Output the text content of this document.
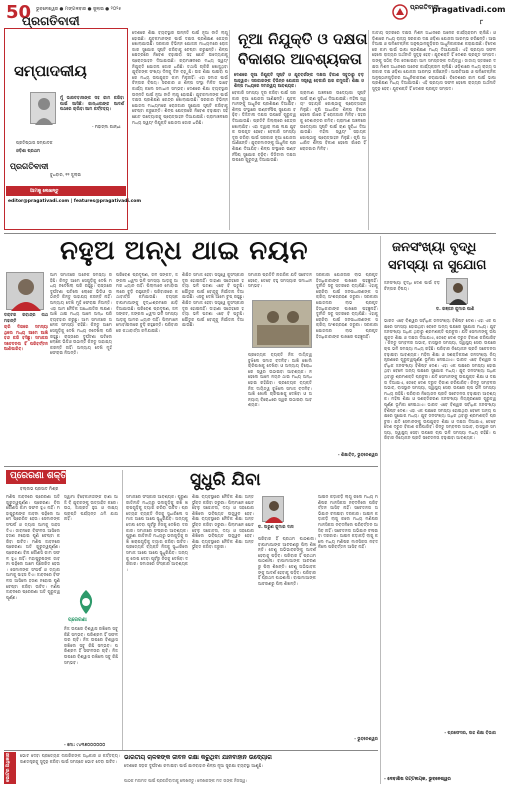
50 ଭୁବନେଶ୍ୱର ● ମଙ୍ଗଳବାର ● ଜୁଲାଇ ● ୨୦୨୫
ପ୍ରଗତିବାଦୀ
ପ୍ରଗତିବାଦୀ
pragativadi.com
୮
ସମ୍ପାଦକୀୟ
ମୁଁ ଭାରତବାସୀଙ୍କ ସହ କାମ କରିବା ପାଇଁ ଆସିଛି। ଗାନ୍ଧୀଜୀଙ୍କ ଆଦର୍ଶ ପଥରେ ଚାଲିବା ଆମ କର୍ତ୍ତବ୍ୟ।
- ମହାତ୍ମା ଗାନ୍ଧୀ
ପ୍ରତିଷ୍ଠାତା ସମ୍ପାଦକ
ଓଡ଼ିଶା ପ୍ରଥମ
ପ୍ରଗତିବାଦୀ
ବୁଧବାର, ୧୨ ଜୁଲାଇ
ଆମକୁ ଲେଖନ୍ତୁ
editor@pragativadi.com | features@pragativadi.com
ଦେଶରେ ଶିକ୍ଷା ବ୍ୟବସ୍ଥାର ଉନ୍ନତି ପାଇଁ ନୂଆ ନୀତି ଲାଗୁ ହୋଇଛି। ଯୁବକମାନଙ୍କ ପାଇଁ ଦକ୍ଷତା ପ୍ରଶିକ୍ଷଣ କେନ୍ଦ୍ର ଖୋଲାଯାଉଛି। ସରକାର ବିଭିନ୍ନ ଯୋଜନା ମାଧ୍ୟମରେ ରୋଜଗାର ସୁଯୋଗ ସୃଷ୍ଟି କରିବାକୁ ଚେଷ୍ଟା କରୁଛନ୍ତି। ଶିଳ୍ପ କ୍ଷେତ୍ରରେ ନିବେଶ ବଢ଼ାଇବା ସହ ଛୋଟ ଉଦ୍ୟୋଗକୁ ପ୍ରୋତ୍ସାହନ ଦିଆଯାଉଛି। ଗ୍ରାମାଞ୍ଚଳରେ ମଧ୍ୟ ସ୍ୱୟଂ ନିଯୁକ୍ତି ଯୋଜନା ଜୋର ଧରିଛି। ତଥାପି ଚାକିରି ଖୋଜୁଥିବା ଯୁବକଙ୍କ ସଂଖ୍ୟା ଦିନକୁ ଦିନ ବଢ଼ୁଛି। ଉଚ୍ଚ ଶିକ୍ଷା ପାଇବା ପରେ ମଧ୍ୟ ଉପଯୁକ୍ତ କାମ ମିଳୁନାହିଁ। ଏହା ସମାଜ ପାଇଁ ଚିନ୍ତାର ବିଷୟ। ସରକାର ଓ ଶିଳ୍ପ ସଂସ୍ଥା ମିଳିତ ଭାବେ କାର୍ଯ୍ୟ କଲେ ସମାଧାନ ସମ୍ଭବ। ଦେଶରେ ଶିକ୍ଷା ବ୍ୟବସ୍ଥାର ଉନ୍ନତି ପାଇଁ ନୂଆ ନୀତି ଲାଗୁ ହୋଇଛି। ଯୁବକମାନଙ୍କ ପାଇଁ ଦକ୍ଷତା ପ୍ରଶିକ୍ଷଣ କେନ୍ଦ୍ର ଖୋଲାଯାଉଛି। ସରକାର ବିଭିନ୍ନ ଯୋଜନା ମାଧ୍ୟମରେ ରୋଜଗାର ସୁଯୋଗ ସୃଷ୍ଟି କରିବାକୁ ଚେଷ୍ଟା କରୁଛନ୍ତି। ଶିଳ୍ପ କ୍ଷେତ୍ରରେ ନିବେଶ ବଢ଼ାଇବା ସହ ଛୋଟ ଉଦ୍ୟୋଗକୁ ପ୍ରୋତ୍ସାହନ ଦିଆଯାଉଛି। ଗ୍ରାମାଞ୍ଚଳରେ ମଧ୍ୟ ସ୍ୱୟଂ ନିଯୁକ୍ତି ଯୋଜନା ଜୋର ଧରିଛି।
ନୂଆ ନିଯୁକ୍ତି ଓ ଦକ୍ଷତା
ବିକାଶର ଆବଶ୍ୟକତା
ଦେଶରେ ନୂଆ ନିଯୁକ୍ତି ସୃଷ୍ଟି ଓ ଯୁବବର୍ଗଙ୍କ ଦକ୍ଷତା ବିକାଶ ସବୁଠାରୁ ବଡ଼ ଆହ୍ୱାନ। ସରକାରଙ୍କ ବିଭିନ୍ନ ଯୋଜନା ସତ୍ତ୍ୱେ ବେକାରି ହାର କମୁନାହିଁ। ଶିକ୍ଷା ଓ ଶିଳ୍ପ ମଧ୍ୟରେ ସମନ୍ୱୟ ଆବଶ୍ୟକ।
ବେକାରି ସମସ୍ୟା ଦୂର କରିବା ପାଇଁ ସରକାର ନୂଆ ଯୋଜନା ଆଣିଛନ୍ତି। ଯୁବକମାନଙ୍କୁ ଆଧୁନିକ ପ୍ରଶିକ୍ଷଣ ଦିଆଯିବ। ଶିଳ୍ପ ସଂସ୍ଥାରେ ଇଣ୍ଟର୍ନସିପ୍ ସୁଯୋଗ ବଢ଼ିବ। ଡିଜିଟାଲ ଦକ୍ଷତା ଉପରେ ଗୁରୁତ୍ୱ ଦିଆଯାଉଛି। ପ୍ରତିଟି ଜିଲ୍ଲାରେ କେନ୍ଦ୍ର ଖୋଲାଯିବ। ଏହା ଦ୍ୱାରା ଲକ୍ଷ ଲକ୍ଷ ଯୁବକ ଉପକୃତ ହେବେ। ବେକାରି ସମସ୍ୟା ଦୂର କରିବା ପାଇଁ ସରକାର ନୂଆ ଯୋଜନା ଆଣିଛନ୍ତି। ଯୁବକମାନଙ୍କୁ ଆଧୁନିକ ପ୍ରଶିକ୍ଷଣ ଦିଆଯିବ। ଶିଳ୍ପ ସଂସ୍ଥାରେ ଇଣ୍ଟର୍ନସିପ୍ ସୁଯୋଗ ବଢ଼ିବ। ଡିଜିଟାଲ ଦକ୍ଷତା ଉପରେ ଗୁରୁତ୍ୱ ଦିଆଯାଉଛି।
ଗ୍ରାମୀଣ ଅଞ୍ଚଳରେ ଉଦ୍ୟୋଗୀ ସୃଷ୍ଟି ପାଇଁ ଋଣ ସୁବିଧା ଦିଆଯାଉଛି। ମହିଳା ସ୍ୱୟଂ ସହାୟକ ଗୋଷ୍ଠୀକୁ ପ୍ରୋତ୍ସାହନ ମିଳୁଛି। କୃଷି ଆଧାରିତ ଶିଳ୍ପ ବିକାଶ ହେଲେ ଗାଁରେ ହିଁ ରୋଜଗାର ମିଳିବ। ସହରକୁ ଦେଶାନ୍ତର କମିବ। ଗ୍ରାମୀଣ ଅଞ୍ଚଳରେ ଉଦ୍ୟୋଗୀ ସୃଷ୍ଟି ପାଇଁ ଋଣ ସୁବିଧା ଦିଆଯାଉଛି। ମହିଳା ସ୍ୱୟଂ ସହାୟକ ଗୋଷ୍ଠୀକୁ ପ୍ରୋତ୍ସାହନ ମିଳୁଛି। କୃଷି ଆଧାରିତ ଶିଳ୍ପ ବିକାଶ ହେଲେ ଗାଁରେ ହିଁ ରୋଜଗାର ମିଳିବ।
ଜାତୀୟ ସ୍ତରରେ ଦକ୍ଷତା ମିଶନ ଅଧୀନରେ ଅନେକ କାର୍ଯ୍ୟକ୍ରମ ଚାଲିଛି। ଓଡ଼ିଶାରେ ମଧ୍ୟ ରାଜ୍ୟ ସରକାର ଦକ୍ଷ ଓଡ଼ିଶା ଯୋଜନା ଆରମ୍ଭ କରିଛନ୍ତି। ଆଇଟିଆଇ ଓ ପଲିଟେକ୍ନିକ ଅନୁଷ୍ଠାନଗୁଡ଼ିକର ଆଧୁନିକୀକରଣ କରାଯାଉଛି। ବିଦେଶରେ କାମ ପାଇଁ ଭାଷା ପ୍ରଶିକ୍ଷଣ ମଧ୍ୟ ଦିଆଯାଉଛି। ଏହି ପ୍ରୟାସ ସଫଳ ହେଲେ ରାଜ୍ୟର ଅର୍ଥନୀତି ସୁଦୃଢ଼ ହେବ। ଯୁବଶକ୍ତି ହିଁ ଦେଶର ପ୍ରକୃତ ସମ୍ପଦ। ତାଙ୍କୁ ସଠିକ୍ ଦିଗ ଦେଖାଇବା ଆମ ସମସ୍ତଙ୍କ ଦାୟିତ୍ୱ। ଜାତୀୟ ସ୍ତରରେ ଦକ୍ଷତା ମିଶନ ଅଧୀନରେ ଅନେକ କାର୍ଯ୍ୟକ୍ରମ ଚାଲିଛି। ଓଡ଼ିଶାରେ ମଧ୍ୟ ରାଜ୍ୟ ସରକାର ଦକ୍ଷ ଓଡ଼ିଶା ଯୋଜନା ଆରମ୍ଭ କରିଛନ୍ତି। ଆଇଟିଆଇ ଓ ପଲିଟେକ୍ନିକ ଅନୁଷ୍ଠାନଗୁଡ଼ିକର ଆଧୁନିକୀକରଣ କରାଯାଉଛି। ବିଦେଶରେ କାମ ପାଇଁ ଭାଷା ପ୍ରଶିକ୍ଷଣ ମଧ୍ୟ ଦିଆଯାଉଛି। ଏହି ପ୍ରୟାସ ସଫଳ ହେଲେ ରାଜ୍ୟର ଅର୍ଥନୀତି ସୁଦୃଢ଼ ହେବ। ଯୁବଶକ୍ତି ହିଁ ଦେଶର ପ୍ରକୃତ ସମ୍ପଦ।
ନହୁଅ ଅନ୍ଧ ଥାଇ ନୟନ
ଡକ୍ଟର ରବୀନ୍ଦ୍ର ନାଥ ମହାନ୍ତି
ଚାରି ଦିଗରେ ସମସ୍ୟା ଥିଲେ ମଧ୍ୟ ଆମେ ଆଖି ବନ୍ଦ କରି ବସିଛୁ। ସମାଜର ସଚେତନତା ହିଁ ପରିବର୍ତ୍ତନ ଆଣିପାରିବ।
ଆମ ସମାଜରେ ଅନେକ ସମସ୍ୟା ରହିଛି। କିନ୍ତୁ ଆମେ ସେଗୁଡ଼ିକୁ ଦେଖି ମଧ୍ୟ ନଦେଖିଲା ପରି ରହୁଛୁ। ରାସ୍ତାରେ ଦୁର୍ଘଟଣା ଘଟିଲେ ଲୋକେ ଭିଡିଓ ଉଠାନ୍ତି କିନ୍ତୁ ସାହାଯ୍ୟ କରନ୍ତି ନାହିଁ। ଅନ୍ୟାୟ ଦେଖି ମୁହଁ ଫେରାଇ ନିଅନ୍ତି। ଏହା ଆମ ନୈତିକ ଅଧୋଗତିର ଲକ୍ଷଣ। ଆଖି ଥାଇ ମଧ୍ୟ ଆମେ ଅନ୍ଧ ପରି ବ୍ୟବହାର କରୁଛୁ। ଆମ ସମାଜରେ ଅନେକ ସମସ୍ୟା ରହିଛି। କିନ୍ତୁ ଆମେ ସେଗୁଡ଼ିକୁ ଦେଖି ମଧ୍ୟ ନଦେଖିଲା ପରି ରହୁଛୁ। ରାସ୍ତାରେ ଦୁର୍ଘଟଣା ଘଟିଲେ ଲୋକେ ଭିଡିଓ ଉଠାନ୍ତି କିନ୍ତୁ ସାହାଯ୍ୟ କରନ୍ତି ନାହିଁ। ଅନ୍ୟାୟ ଦେଖି ମୁହଁ ଫେରାଇ ନିଅନ୍ତି।
ପରିବେଶ ପ୍ରଦୂଷଣ, ଜଳ ସଙ୍କଟ, ଜଙ୍ଗଲ ଧ୍ୱଂସ ଭଳି ସମସ୍ୟା ଆଡ଼କୁ ଆମର ଧ୍ୟାନ ନାହିଁ। ପିଲାମାନେ ମୋବାଇଲରେ ବୁଡ଼ି ରହୁଛନ୍ତି। ପରିବାରରେ କଥାବାର୍ତ୍ତା କମିଯାଉଛି। ବୟସ୍କ ବାପାମାଆଙ୍କୁ ବୃଦ୍ଧାଶ୍ରମରେ ଛାଡ଼ି ଦିଆଯାଉଛି। ପରିବେଶ ପ୍ରଦୂଷଣ, ଜଳ ସଙ୍କଟ, ଜଙ୍ଗଲ ଧ୍ୱଂସ ଭଳି ସମସ୍ୟା ଆଡ଼କୁ ଆମର ଧ୍ୟାନ ନାହିଁ। ପିଲାମାନେ ମୋବାଇଲରେ ବୁଡ଼ି ରହୁଛନ୍ତି। ପରିବାରରେ କଥାବାର୍ତ୍ତା କମିଯାଉଛି।
ଶିକ୍ଷିତ ସମାଜ ହେବା ସତ୍ତ୍ୱେ କୁସଂସ୍କାର ଦୂର ହୋଇନାହିଁ। ଡାହାଣୀ ସନ୍ଦେହରେ ହତ୍ୟା ଭଳି ଘଟଣା ଏବେ ବି ଘଟୁଛି। ଯୌତୁକ ପାଇଁ ବୋହୂକୁ ନିର୍ଯାତନା ଦିଆଯାଉଛି। ଏସବୁ ଦେଖି ଆମେ ଚୁପ୍ ରହୁଛୁ। ଶିକ୍ଷିତ ସମାଜ ହେବା ସତ୍ତ୍ୱେ କୁସଂସ୍କାର ଦୂର ହୋଇନାହିଁ। ଡାହାଣୀ ସନ୍ଦେହରେ ହତ୍ୟା ଭଳି ଘଟଣା ଏବେ ବି ଘଟୁଛି। ଯୌତୁକ ପାଇଁ ବୋହୂକୁ ନିର୍ଯାତନା ଦିଆଯାଉଛି।
ସମାଜର ପ୍ରତିଟି ନାଗରିକ ଯଦି ସଚେତନ ହେବେ, ତେବେ ବହୁ ସମସ୍ୟାର ସମାଧାନ ସମ୍ଭବ।
ପ୍ରତ୍ୟେକ ବ୍ୟକ୍ତି ନିଜ ଦାୟିତ୍ୱ ବୁଝିଲେ ସମାଜ ବଦଳିବ। ଆଖି ଖୋଲି ଚାରିପାଖକୁ ଦେଖିବା ଓ ଅନ୍ୟାୟ ବିରୋଧରେ ସ୍ୱର ଉଠାଇବା ଆବଶ୍ୟକ। ନହେଲେ ଆମେ ନୟନ ଥାଇ ମଧ୍ୟ ଅନ୍ଧ ହୋଇ ରହିଯିବା। ପ୍ରତ୍ୟେକ ବ୍ୟକ୍ତି ନିଜ ଦାୟିତ୍ୱ ବୁଝିଲେ ସମାଜ ବଦଳିବ। ଆଖି ଖୋଲି ଚାରିପାଖକୁ ଦେଖିବା ଓ ଅନ୍ୟାୟ ବିରୋଧରେ ସ୍ୱର ଉଠାଇବା ଆବଶ୍ୟକ।
ସରକାରୀ ଯୋଜନାର ଲାଭ ପ୍ରକୃତ ହିତାଧିକାରୀଙ୍କ ପାଖରେ ପହଞ୍ଚୁନାହିଁ। ଦୁର୍ନୀତି ସବୁ ସ୍ତରରେ ବ୍ୟାପିଛି। ଏହାକୁ ରୋକିବା ପାଇଁ ଜନସାଧାରଣଙ୍କ ସକ୍ରିୟ ଅଂଶଗ୍ରହଣ ଜରୁରୀ। ସରକାରୀ ଯୋଜନାର ଲାଭ ପ୍ରକୃତ ହିତାଧିକାରୀଙ୍କ ପାଖରେ ପହଞ୍ଚୁନାହିଁ। ଦୁର୍ନୀତି ସବୁ ସ୍ତରରେ ବ୍ୟାପିଛି। ଏହାକୁ ରୋକିବା ପାଇଁ ଜନସାଧାରଣଙ୍କ ସକ୍ରିୟ ଅଂଶଗ୍ରହଣ ଜରୁରୀ। ସରକାରୀ ଯୋଜନାର ଲାଭ ପ୍ରକୃତ ହିତାଧିକାରୀଙ୍କ ପାଖରେ ପହଞ୍ଚୁନାହିଁ।
- ଶିକ୍ଷାବିତ୍, ଭୁବନେଶ୍ୱର
ଜନସଂଖ୍ୟା ବୃଦ୍ଧି
ସମସ୍ୟା ନା ସୁଯୋଗ
ଡ. ରଞ୍ଜନ କୁମାର ପାଣି
ଜନସଂଖ୍ୟା ବୃଦ୍ଧି ଦେଶ ପାଇଁ ବଡ଼ ଚିନ୍ତାର ବିଷୟ।
ଭାରତ ଏବେ ବିଶ୍ୱର ସର୍ବାଧିକ ଜନସଂଖ୍ୟା ବିଶିଷ୍ଟ ଦେଶ। ଏହା ଏକ ପକ୍ଷରେ ସମସ୍ୟା ହୋଇଥିବା ବେଳେ ଅନ୍ୟ ପକ୍ଷରେ ସୁଯୋଗ ମଧ୍ୟ। ଯୁବ ଜନସଂଖ୍ୟା ଅଧିକ ଥିବାରୁ ଶ୍ରମଶକ୍ତି ପ୍ରଚୁର। ଯଦି ସେମାନଙ୍କୁ ଉପଯୁକ୍ତ ଶିକ୍ଷା ଓ ଦକ୍ଷତା ଦିଆଯାଏ, ତେବେ ଦେଶ ଦ୍ରୁତ ବିକାଶ କରିପାରିବ। କିନ୍ତୁ ସମ୍ବଳର ଅଭାବ, ବାସସ୍ଥାନ ସମସ୍ୟା, ସ୍ୱାସ୍ଥ୍ୟ ସେବା ଉପରେ ଚାପ ଭଳି ସମସ୍ୟା ମଧ୍ୟ ରହିଛି। ପରିବାର ନିୟୋଜନ ପ୍ରତି ସଚେତନତା ବଢ଼ାଇବା ଆବଶ୍ୟକ। ମହିଳା ଶିକ୍ଷା ଓ ସଶକ୍ତିକରଣ ଜନସଂଖ୍ୟା ନିୟନ୍ତ୍ରଣରେ ଗୁରୁତ୍ୱପୂର୍ଣ୍ଣ ଭୂମିକା ନେଇଥାଏ। ଭାରତ ଏବେ ବିଶ୍ୱର ସର୍ବାଧିକ ଜନସଂଖ୍ୟା ବିଶିଷ୍ଟ ଦେଶ। ଏହା ଏକ ପକ୍ଷରେ ସମସ୍ୟା ହୋଇଥିବା ବେଳେ ଅନ୍ୟ ପକ୍ଷରେ ସୁଯୋଗ ମଧ୍ୟ। ଯୁବ ଜନସଂଖ୍ୟା ଅଧିକ ଥିବାରୁ ଶ୍ରମଶକ୍ତି ପ୍ରଚୁର। ଯଦି ସେମାନଙ୍କୁ ଉପଯୁକ୍ତ ଶିକ୍ଷା ଓ ଦକ୍ଷତା ଦିଆଯାଏ, ତେବେ ଦେଶ ଦ୍ରୁତ ବିକାଶ କରିପାରିବ। କିନ୍ତୁ ସମ୍ବଳର ଅଭାବ, ବାସସ୍ଥାନ ସମସ୍ୟା, ସ୍ୱାସ୍ଥ୍ୟ ସେବା ଉପରେ ଚାପ ଭଳି ସମସ୍ୟା ମଧ୍ୟ ରହିଛି। ପରିବାର ନିୟୋଜନ ପ୍ରତି ସଚେତନତା ବଢ଼ାଇବା ଆବଶ୍ୟକ। ମହିଳା ଶିକ୍ଷା ଓ ସଶକ୍ତିକରଣ ଜନସଂଖ୍ୟା ନିୟନ୍ତ୍ରଣରେ ଗୁରୁତ୍ୱପୂର୍ଣ୍ଣ ଭୂମିକା ନେଇଥାଏ। ଭାରତ ଏବେ ବିଶ୍ୱର ସର୍ବାଧିକ ଜନସଂଖ୍ୟା ବିଶିଷ୍ଟ ଦେଶ। ଏହା ଏକ ପକ୍ଷରେ ସମସ୍ୟା ହୋଇଥିବା ବେଳେ ଅନ୍ୟ ପକ୍ଷରେ ସୁଯୋଗ ମଧ୍ୟ। ଯୁବ ଜନସଂଖ୍ୟା ଅଧିକ ଥିବାରୁ ଶ୍ରମଶକ୍ତି ପ୍ରଚୁର। ଯଦି ସେମାନଙ୍କୁ ଉପଯୁକ୍ତ ଶିକ୍ଷା ଓ ଦକ୍ଷତା ଦିଆଯାଏ, ତେବେ ଦେଶ ଦ୍ରୁତ ବିକାଶ କରିପାରିବ। କିନ୍ତୁ ସମ୍ବଳର ଅଭାବ, ବାସସ୍ଥାନ ସମସ୍ୟା, ସ୍ୱାସ୍ଥ୍ୟ ସେବା ଉପରେ ଚାପ ଭଳି ସମସ୍ୟା ମଧ୍ୟ ରହିଛି। ପରିବାର ନିୟୋଜନ ପ୍ରତି ସଚେତନତା ବଢ଼ାଇବା ଆବଶ୍ୟକ।
- ପ୍ରଫେସର, ଉଚ୍ଚ ଶିକ୍ଷା ବିଭାଗ
ପ୍ରେରଣା ଶକ୍ତି
ବଲ୍ଲଭ ପ୍ରସାଦ ମିଶ୍ର
ମଣିଷ ଜୀବନରେ ପ୍ରେରଣା ଅତି ଗୁରୁତ୍ୱପୂର୍ଣ୍ଣ। ପ୍ରେରଣା ବିନା କୌଣସି କାମ ସଫଳ ହୁଏ ନାହିଁ। ମହାପୁରୁଷଙ୍କ ଜୀବନୀ ପଢ଼ିଲେ ଆମେ ପ୍ରେରିତ ହେଉ। ସେମାନଙ୍କ ସଂଘର୍ଷ ଓ ତ୍ୟାଗ ଆମକୁ ସାହସ ଦିଏ। ଜୀବନରେ ବିଫଳତା ଆସିଲେ ହତାଶ ନହୋଇ ପୁଣି ଚେଷ୍ଟା କରିବା ଉଚିତ। ମଣିଷ ଜୀବନରେ ପ୍ରେରଣା ଅତି ଗୁରୁତ୍ୱପୂର୍ଣ୍ଣ। ପ୍ରେରଣା ବିନା କୌଣସି କାମ ସଫଳ ହୁଏ ନାହିଁ। ମହାପୁରୁଷଙ୍କ ଜୀବନୀ ପଢ଼ିଲେ ଆମେ ପ୍ରେରିତ ହେଉ। ସେମାନଙ୍କ ସଂଘର୍ଷ ଓ ତ୍ୟାଗ ଆମକୁ ସାହସ ଦିଏ। ଜୀବନରେ ବିଫଳତା ଆସିଲେ ହତାଶ ନହୋଇ ପୁଣି ଚେଷ୍ଟା କରିବା ଉଚିତ। ମଣିଷ ଜୀବନରେ ପ୍ରେରଣା ଅତି ଗୁରୁତ୍ୱପୂର୍ଣ୍ଣ।
ସ୍ୱାମୀ ବିବେକାନନ୍ଦଙ୍କ ବାଣୀ ଆଜି ବି ଯୁବକଙ୍କୁ ଉତ୍ସାହିତ କରେ। ଉଠ, ଜାଗ୍ରତ ହୁଅ ଓ ଲକ୍ଷ୍ୟ ପ୍ରାପ୍ତି ପର୍ଯ୍ୟନ୍ତ ଥମି ଯାଅ ନାହିଁ।
ପ୍ରେରଣା
ନିଜ ଉପରେ ବିଶ୍ୱାସ ରଖିଲେ ସବୁ କିଛି ସମ୍ଭବ। ପରିଶ୍ରମ ହିଁ ସଫଳତାର ଚାବି। ନିଜ ଉପରେ ବିଶ୍ୱାସ ରଖିଲେ ସବୁ କିଛି ସମ୍ଭବ। ପରିଶ୍ରମ ହିଁ ସଫଳତାର ଚାବି। ନିଜ ଉପରେ ବିଶ୍ୱାସ ରଖିଲେ ସବୁ କିଛି ସମ୍ଭବ।
- ମୋ: ୯୪୩୭୦୦୦୦୦୦
ସୁଧୁରି ଯିବା
ସମାଜରେ ସଂସ୍କାର ଆବଶ୍ୟକ। ପୁରୁଣା ରୀତିନୀତି ମଧ୍ୟରୁ ଭଲଗୁଡ଼ିକୁ ରଖି ଖରାପଗୁଡ଼ିକୁ ତ୍ୟାଗ କରିବା ଉଚିତ। ପ୍ରତ୍ୟେକ ବ୍ୟକ୍ତି ନିଜକୁ ସୁଧାରିଲେ ସମାଜ ଆପେ ଆପେ ସୁଧୁରିଯିବ। ଅନ୍ୟକୁ ଦୋଷ ଦେବା ପୂର୍ବରୁ ନିଜକୁ ଦେଖିବା ଦରକାର। ସମାଜରେ ସଂସ୍କାର ଆବଶ୍ୟକ। ପୁରୁଣା ରୀତିନୀତି ମଧ୍ୟରୁ ଭଲଗୁଡ଼ିକୁ ରଖି ଖରାପଗୁଡ଼ିକୁ ତ୍ୟାଗ କରିବା ଉଚିତ। ପ୍ରତ୍ୟେକ ବ୍ୟକ୍ତି ନିଜକୁ ସୁଧାରିଲେ ସମାଜ ଆପେ ଆପେ ସୁଧୁରିଯିବ। ଅନ୍ୟକୁ ଦୋଷ ଦେବା ପୂର୍ବରୁ ନିଜକୁ ଦେଖିବା ଦରକାର। ସମାଜରେ ସଂସ୍କାର ଆବଶ୍ୟକ।
ଶିକ୍ଷା ବ୍ୟବସ୍ଥାରେ ନୈତିକ ଶିକ୍ଷା ଅନ୍ତର୍ଭୁକ୍ତ କରିବା ଜରୁରୀ। ପିଲାମାନେ ଛୋଟ ବେଳୁ ସଚ୍ଚୋଟତା, ଦୟା ଓ ସହଯୋଗ ଶିଖିଲେ ଭବିଷ୍ୟତ ଉଜ୍ଜ୍ୱଳ ହେବ। ଶିକ୍ଷା ବ୍ୟବସ୍ଥାରେ ନୈତିକ ଶିକ୍ଷା ଅନ୍ତର୍ଭୁକ୍ତ କରିବା ଜରୁରୀ। ପିଲାମାନେ ଛୋଟ ବେଳୁ ସଚ୍ଚୋଟତା, ଦୟା ଓ ସହଯୋଗ ଶିଖିଲେ ଭବିଷ୍ୟତ ଉଜ୍ଜ୍ୱଳ ହେବ। ଶିକ୍ଷା ବ୍ୟବସ୍ଥାରେ ନୈତିକ ଶିକ୍ଷା ଅନ୍ତର୍ଭୁକ୍ତ କରିବା ଜରୁରୀ।
ଡ. ଅରୁଣ କୁମାର ଦାସ
ପରିବାର ହିଁ ପ୍ରଥମ ପାଠଶାଳା। ବାପାମାଆଙ୍କ ଆଚରଣରୁ ପିଲା ଶିଖନ୍ତି। ତେଣୁ ଅଭିଭାବକଙ୍କୁ ଆଦର୍ଶ ହେବାକୁ ପଡ଼ିବ। ପରିବାର ହିଁ ପ୍ରଥମ ପାଠଶାଳା। ବାପାମାଆଙ୍କ ଆଚରଣରୁ ପିଲା ଶିଖନ୍ତି। ତେଣୁ ଅଭିଭାବକଙ୍କୁ ଆଦର୍ଶ ହେବାକୁ ପଡ଼ିବ। ପରିବାର ହିଁ ପ୍ରଥମ ପାଠଶାଳା। ବାପାମାଆଙ୍କ ଆଚରଣରୁ ପିଲା ଶିଖନ୍ତି।
ଆଇନ କଡ଼ାକଡ଼ି ଲାଗୁ କଲେ ମଧ୍ୟ ମଣିଷର ମାନସିକତା ନବଦଳିଲେ ପରିବର୍ତ୍ତନ ଆସିବ ନାହିଁ। ସଚେତନତା ଅଭିଯାନ ଚଳାଇବା ଦରକାର। ଆଇନ କଡ଼ାକଡ଼ି ଲାଗୁ କଲେ ମଧ୍ୟ ମଣିଷର ମାନସିକତା ନବଦଳିଲେ ପରିବର୍ତ୍ତନ ଆସିବ ନାହିଁ। ସଚେତନତା ଅଭିଯାନ ଚଳାଇବା ଦରକାର। ଆଇନ କଡ଼ାକଡ଼ି ଲାଗୁ କଲେ ମଧ୍ୟ ମଣିଷର ମାନସିକତା ନବଦଳିଲେ ପରିବର୍ତ୍ତନ ଆସିବ ନାହିଁ।
- ଭୁବନେଶ୍ୱର
ଭୋଟର ଅଧିକାର ଭୋଟ ଦେବା ପ୍ରତ୍ୟେକ ନାଗରିକଙ୍କ ଅଧିକାର ଓ କର୍ତ୍ତବ୍ୟ। ଗଣତନ୍ତ୍ରକୁ ସୁଦୃଢ଼ କରିବା ପାଇଁ ସମସ୍ତେ ଭୋଟ ଦେବା ଉଚିତ।
ଭାରତୀୟ ଚାଳକଙ୍କ ଜୀବନ ରକ୍ଷା କରୁଥିବା ଯାନବାହାନ ଉଦ୍ୟୋଗ
ଦେଶରେ ସଡ଼କ ଦୁର୍ଘଟଣା କମାଇବା ପାଇଁ ଯାନବାହାନ ଶିଳ୍ପ ନୂଆ ସୁରକ୍ଷା ବ୍ୟବସ୍ଥା ଆଣୁଛି।
ପାଠକ ମତାମତ ପାଇଁ ପ୍ରଗତିବାଦୀକୁ ଲେଖନ୍ତୁ। ଲେଖକଙ୍କ ମତ ତାଙ୍କ ନିଜସ୍ୱ।	- ଦେବାଶିଷ ପଟ୍ଟନାୟକ, ଭୁବନେଶ୍ୱର
